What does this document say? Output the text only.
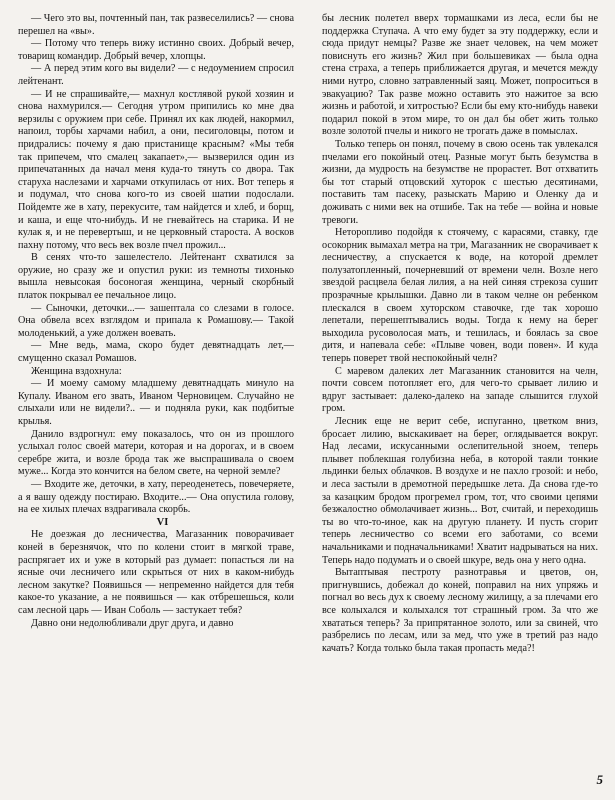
— Чего это вы, почтенный пан, так развеселились? — снова перешел на «вы».

— Потому что теперь вижу истинно своих. Добрый вечер, товарищ командир. Добрый вечер, хлопцы.

— А перед этим кого вы видели? — с недоумением спросил лейтенант.

— И не спрашивайте,— махнул костлявой рукой хозяин и снова нахмурился.— Сегодня утром припились ко мне два верзилы с оружием при себе. Принял их как людей, накормил, напоил, торбы харчами набил, а они, песиголовцы, потом и придрались: почему я даю пристанище красным? «Мы тебя так припечем, что смалец закапает»,— вызверился один из припечатанных да начал меня куда-то тянуть со двора. Так старуха наслезами и харчами откупилась от них. Вот теперь я и подумал, что снова кого-то из своей шатии подослали. Пойдемте же в хату, перекусите, там найдется и хлеб, и борщ, и каша, и еще что-нибудь. И не гневайтесь на старика. И не кулак я, и не перевертыш, и не церковный староста. А восков пахну потому, что весь век возле пчел прожил...

В сенях что-то зашелестело. Лейтенант схватился за оружие, но сразу же и опустил руки: из темноты тихонько вышла невысокая босоногая женщина, черный скорбный платок покрывал ее печальное лицо.

— Сыночки, деточки...— зашептала со слезами в голосе. Она обвела всех взглядом и припала к Ромашову.— Такой молоденький, а уже должен воевать.

— Мне ведь, мама, скоро будет девятнадцать лет,— смущенно сказал Ромашов.

Женщина вздохнула:

— И моему самому младшему девятнадцать минуло на Купалу. Иваном его звать, Иваном Черновицем. Случайно не слыхали или не видели?.. — и подняла руки, как подбитые крылья.

Данило вздрогнул: ему показалось, что он из прошлого услыхал голос своей матери, которая и на дорогах, и в своем серебре жита, и возле брода так же выспрашивала о своем муже... Когда это кончится на белом свете, на черной земле?

— Входите же, деточки, в хату, переоденетесь, повечеряете, а я вашу одежду постираю. Входите...— Она опустила голову, на ее хилых плечах вздрагивала скорбь.

VI

Не доезжая до лесничества, Магазанник поворачивает коней в березнячок, что по колени стоит в мягкой траве, распрягает их и уже в который раз думает: попасться ли на ясные очи лесничего или скрыться от них в каком-нибудь лесном закутке? Появишься — непременно найдется для тебя какое-то указание, а не появишься — как отбрешешься, коли сам лесной царь — Иван Соболь — застукает тебя?

Давно они недолюбливали друг друга, и давно

бы лесник полетел вверх тормашками из леса, если бы не поддержка Ступача. А что ему будет за эту поддержку, если и сюда придут немцы? Разве же знает человек, на чем может повиснуть его жизнь? Жил при большевиках — была одна стена страха, а теперь приближается другая, и мечется между ними нутро, словно затравленный заяц. Может, попроситься в эвакуацию? Так разве можно оставить это нажитое за всю жизнь и работой, и хитростью? Если бы ему кто-нибудь навеки подарил покой в этом мире, то он дал бы обет жить только возле золотой пчелы и никого не трогать даже в помыслах.

Только теперь он понял, почему в свою осень так увлекался пчелами его покойный отец. Разные могут быть безумства в жизни, да мудрость на безумстве не прорастет. Вот отхватить бы тот старый отцовский хуторок с шестью десятинами, поставить там пасеку, разыскать Марию и Оленку да и доживать с ними век на отшибе. Так на тебе — война и новые тревоги.

Неторопливо подойдя к стоячему, с карасями, ставку, где осокорник вымахал метра на три, Магазанник не сворачивает к лесничеству, а спускается к воде, на которой дремлет полузатопленный, почерневший от времени челн. Возле него звездой расцвела белая лилия, а на ней синяя стрекоза сушит прозрачные крылышки. Давно ли в таком челне он ребенком плескался в своем хуторском ставочке, где так хорошо лепетали, перешептывались воды. Тогда к нему на берег выходила русоволосая мать, и тешилась, и боялась за свое дитя, и напевала себе: «Плыве човен, води повен». И куда теперь поверет твой неспокойный челн?

С маревом далеких лет Магазанник становится на челн, почти совсем потопляет его, для чего-то срывает лилию и вдруг застывает: далеко-далеко на западе слышится глухой гром.

Лесник еще не верит себе, испуганно, цветком вниз, бросает лилию, выскакивает на берег, оглядывается вокруг. Над лесами, искусанными ослепительной зноем, теперь плывет поблекшая голубизна неба, в которой таяли тонкие льдинки белых облачков. В воздухе и не пахло грозой: и небо, и леса застыли в дремотной передышке лета. Да снова где-то за казацким бродом прогремел гром, тот, что своими цепями безжалостно обмолачивает жизнь... Вот, считай, и переходишь ты во что-то-иное, как на другую планету. И пусть сгорит теперь лесничество со всеми его заботами, со всеми начальниками и подначальниками! Хватит надрываться на них. Теперь надо подумать и о своей шкуре, ведь она у него одна.

Вытаптывая пестроту разнотравья и цветов, он, пригнувшись, добежал до коней, поправил на них упряжь и погнал во весь дух к своему лесному жилищу, а за плечами его все колыхался и колыхался тот страшный гром. За что же хвататься теперь? За припрятанное золото, или за свиней, что разбрелись по лесам, или за мед, что уже в третий раз надо качать? Когда только была такая пропасть меда?!

5
